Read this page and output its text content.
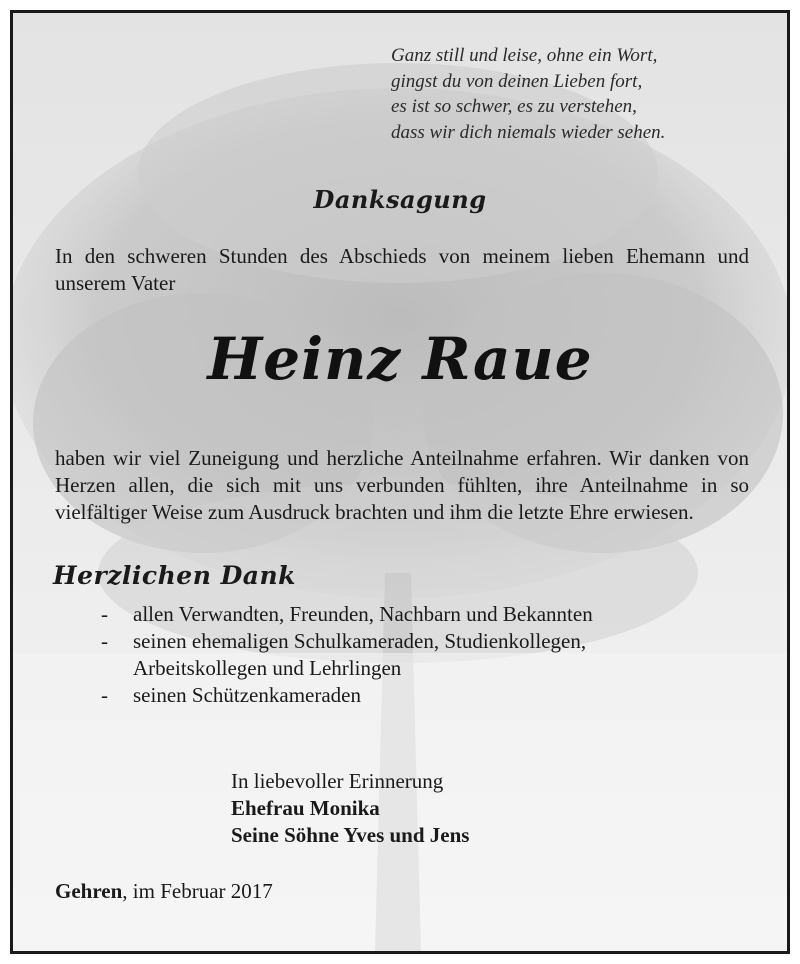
Ganz still und leise, ohne ein Wort,
gingst du von deinen Lieben fort,
es ist so schwer, es zu verstehen,
dass wir dich niemals wieder sehen.
Danksagung
In den schweren Stunden des Abschieds von meinem lieben Ehemann und unserem Vater
Heinz Raue
haben wir viel Zuneigung und herzliche Anteilnahme erfahren. Wir danken von Herzen allen, die sich mit uns verbunden fühlten, ihre Anteilnahme in so vielfältiger Weise zum Ausdruck brachten und ihm die letzte Ehre erwiesen.
Herzlichen Dank
- allen Verwandten, Freunden, Nachbarn und Bekannten
- seinen ehemaligen Schulkameraden, Studienkollegen,
Arbeitskollegen und Lehrlingen
- seinen Schützenkameraden
In liebevoller Erinnerung
Ehefrau Monika
Seine Söhne Yves und Jens
Gehren, im Februar 2017
